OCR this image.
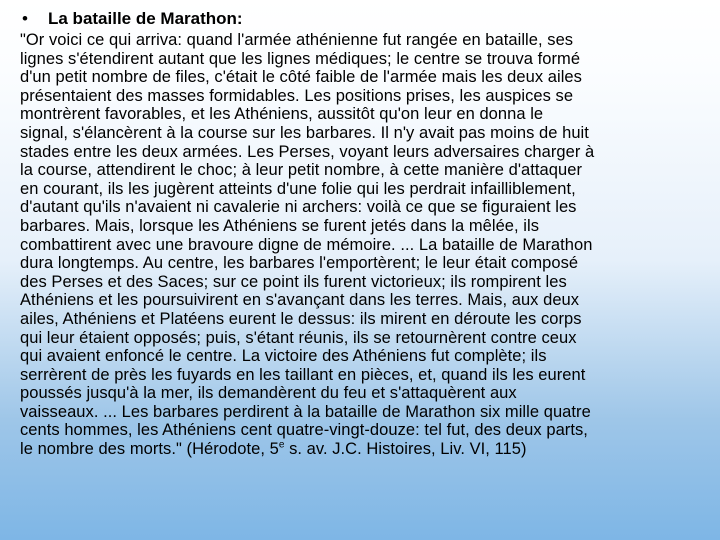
•	La bataille de Marathon:
"Or voici ce qui arriva: quand l'armée athénienne fut rangée en bataille, ses
lignes s'étendirent autant que les lignes médiques; le centre se trouva formé
d'un petit nombre de files, c'était le côté faible de l'armée mais les deux ailes
présentaient des masses formidables. Les positions prises, les auspices se
montrèrent favorables, et les Athéniens, aussitôt qu'on leur en donna le
signal, s'élancèrent à la course sur les barbares. Il n'y avait pas moins de huit
stades entre les deux armées. Les Perses, voyant leurs adversaires charger à
la course, attendirent le choc; à leur petit nombre, à cette manière d'attaquer
en courant, ils les jugèrent atteints d'une folie qui les perdrait infailliblement,
d'autant qu'ils n'avaient ni cavalerie ni archers: voilà ce que se figuraient les
barbares. Mais, lorsque les Athéniens se furent jetés dans la mêlée, ils
combattirent avec une bravoure digne de mémoire. ... La bataille de Marathon
dura longtemps. Au centre, les barbares l'emportèrent; le leur était composé
des Perses et des Saces; sur ce point ils furent victorieux; ils rompirent les
Athéniens et les poursuivirent en s'avançant dans les terres. Mais, aux deux
ailes, Athéniens et Platéens eurent le dessus: ils mirent en déroute les corps
qui leur étaient opposés; puis, s'étant réunis, ils se retournèrent contre ceux
qui avaient enfoncé le centre. La victoire des Athéniens fut complète; ils
serrèrent de près les fuyards en les taillant en pièces, et, quand ils les eurent
poussés jusqu'à la mer, ils demandèrent du feu et s'attaquèrent aux
vaisseaux. ... Les barbares perdirent à la bataille de Marathon six mille quatre
cents hommes, les Athéniens cent quatre-vingt-douze: tel fut, des deux parts,
le nombre des morts." (Hérodote, 5e s. av. J.C. Histoires, Liv. VI, 115)
